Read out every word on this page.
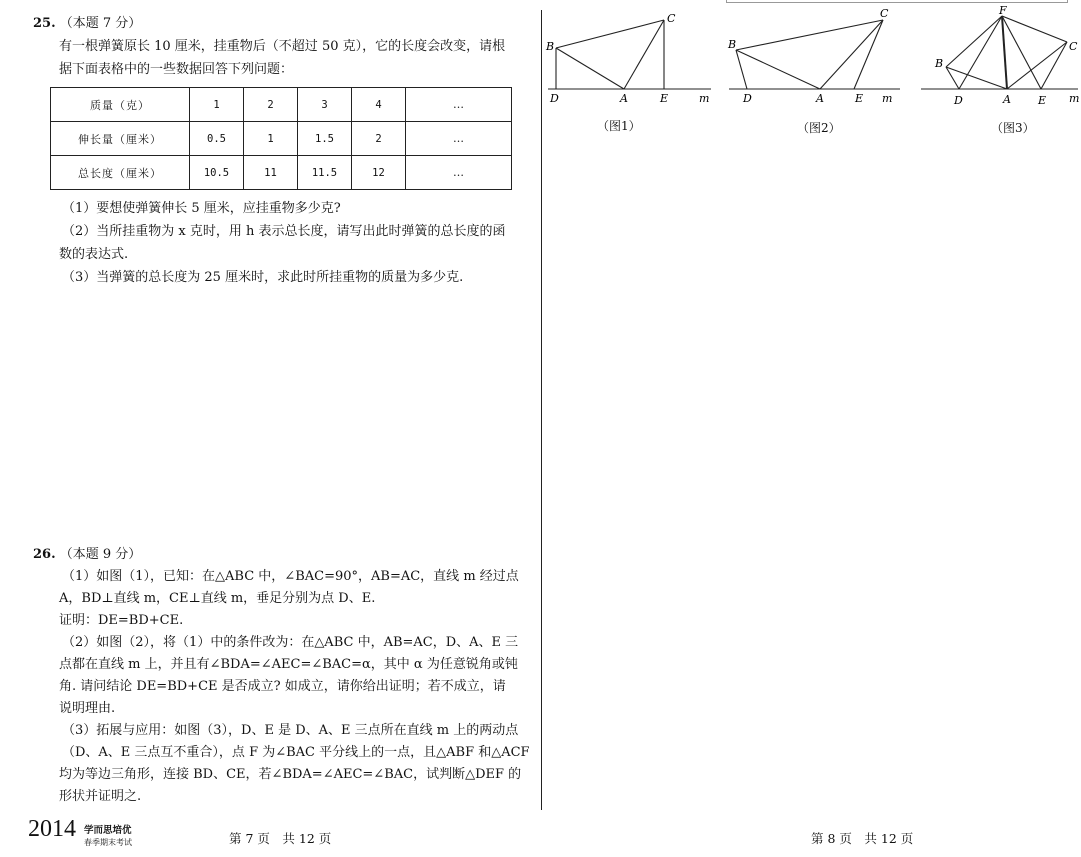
25. （本题 7 分）
有一根弹簧原长 10 厘米，挂重物后（不超过 50 克），它的长度会改变，请根
据下面表格中的一些数据回答下列问题：
质量（克）	1	2	3	4	…
伸长量（厘米）	0.5	1	1.5	2	…
总长度（厘米）	10.5	11	11.5	12	…
（1）要想使弹簧伸长 5 厘米，应挂重物多少克?
（2）当所挂重物为 x 克时，用 h 表示总长度，请写出此时弹簧的总长度的函
数的表达式.
（3）当弹簧的总长度为 25 厘米时，求此时所挂重物的质量为多少克.
26. （本题 9 分）
（1）如图（1），已知：在△ABC 中，∠BAC=90°，AB=AC，直线 m 经过点
A，BD⊥直线 m，CE⊥直线 m，垂足分别为点 D、E.
证明：DE=BD+CE.
（2）如图（2），将（1）中的条件改为：在△ABC 中，AB=AC，D、A、E 三
点都在直线 m 上，并且有∠BDA=∠AEC=∠BAC=α，其中 α 为任意锐角或钝
角. 请问结论 DE=BD+CE 是否成立? 如成立，请你给出证明；若不成立，请
说明理由.
（3）拓展与应用：如图（3），D、E 是 D、A、E 三点所在直线 m 上的两动点
（D、A、E 三点互不重合），点 F 为∠BAC 平分线上的一点，且△ABF 和△ACF
均为等边三角形，连接 BD、CE，若∠BDA=∠AEC=∠BAC，试判断△DEF 的
形状并证明之.
B
C
D	A	E	m
B
C
D	A	E m
F
B
C
D	A E m
（图1）	（图2）	（图3）
2014 学而思培优
春季期末考试	第 7 页　共 12 页	第 8 页　共 12 页
